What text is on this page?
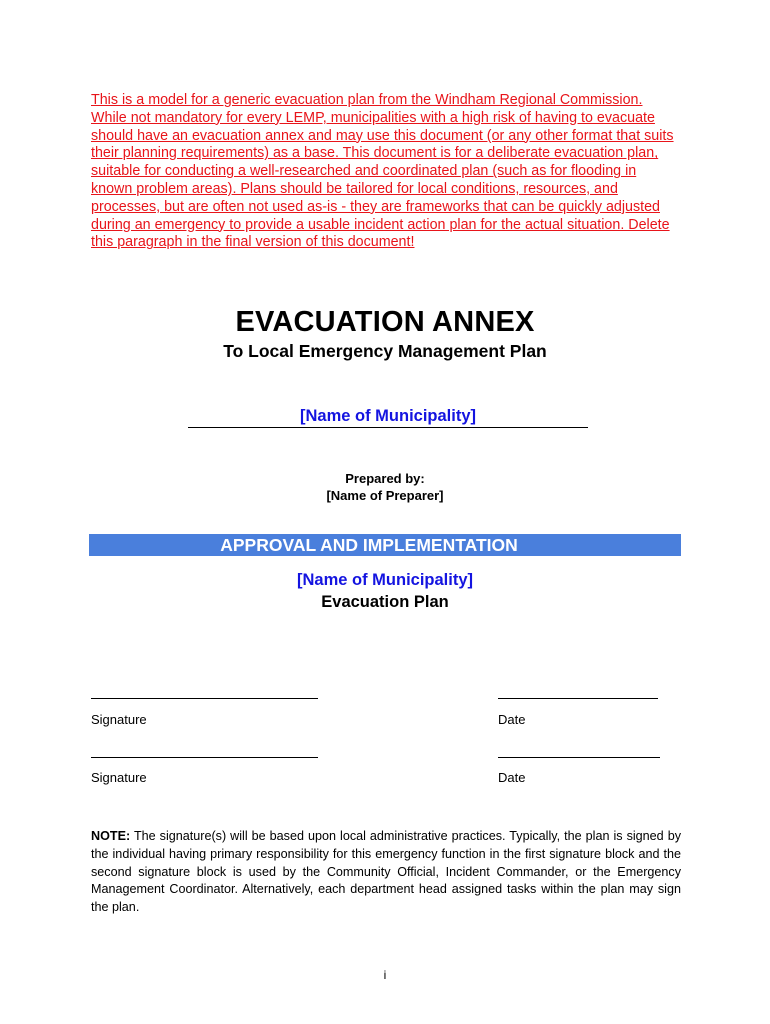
This is a model for a generic evacuation plan from the Windham Regional Commission. While not mandatory for every LEMP, municipalities with a high risk of having to evacuate should have an evacuation annex and may use this document (or any other format that suits their planning requirements) as a base. This document is for a deliberate evacuation plan, suitable for conducting a well-researched and coordinated plan (such as for flooding in known problem areas). Plans should be tailored for local conditions, resources, and processes, but are often not used as-is - they are frameworks that can be quickly adjusted during an emergency to provide a usable incident action plan for the actual situation. Delete this paragraph in the final version of this document!
EVACUATION ANNEX
To Local Emergency Management Plan
[Name of Municipality]
Prepared by:
[Name of Preparer]
APPROVAL AND IMPLEMENTATION
[Name of Municipality]
Evacuation Plan
Signature	Date
Signature	Date
NOTE: The signature(s) will be based upon local administrative practices. Typically, the plan is signed by the individual having primary responsibility for this emergency function in the first signature block and the second signature block is used by the Community Official, Incident Commander, or the Emergency Management Coordinator. Alternatively, each department head assigned tasks within the plan may sign the plan.
i
